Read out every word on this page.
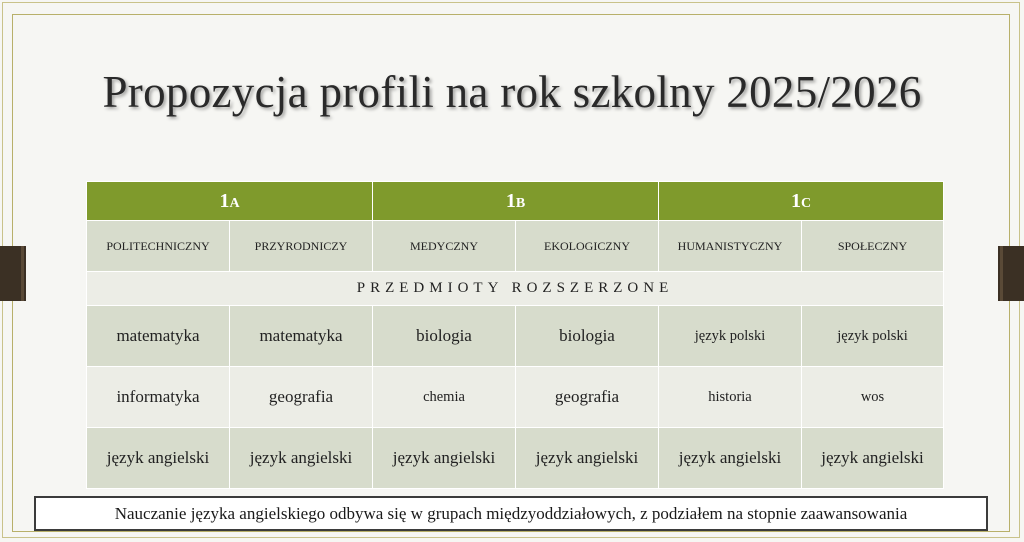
Propozycja profili na rok szkolny 2025/2026
1A		1B		1C	
POLITECHNICZNY	PRZYRODNICZY	MEDYCZNY	EKOLOGICZNY	HUMANISTYCZNY	SPOŁECZNY
PRZEDMIOTY ROZSZERZONE					
matematyka	matematyka	biologia	biologia	język polski	język polski
informatyka	geografia	chemia	geografia	historia	wos
język angielski	język angielski	język angielski	język angielski	język angielski	język angielski
Nauczanie języka angielskiego odbywa się w grupach międzyoddziałowych, z podziałem na stopnie zaawansowania
